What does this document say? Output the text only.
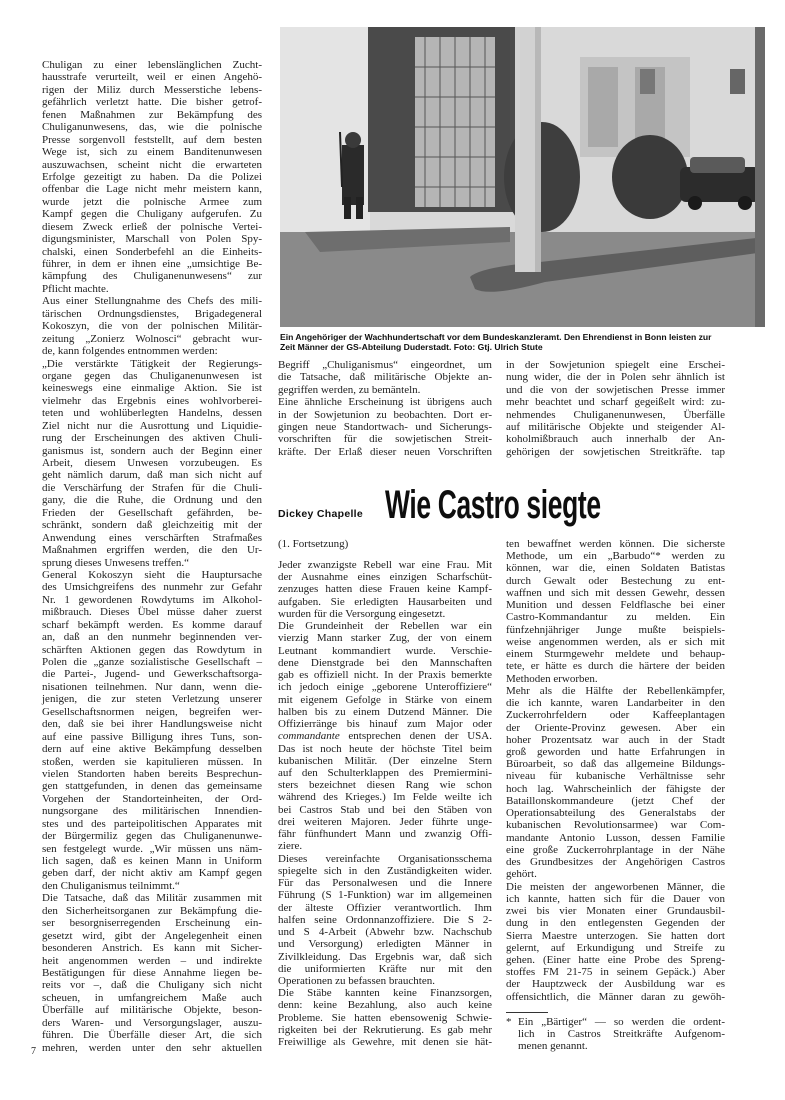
Ein Angehöriger der Wachhundertschaft vor dem Bundeskanzleramt. Den Ehrendienst in Bonn leisten zur
Zeit Männer der GS-Abteilung Duderstadt. Foto: Gtj. Ulrich Stute
Chuligan zu einer lebenslänglichen Zucht-
hausstrafe verurteilt, weil er einen Angehö-
rigen der Miliz durch Messerstiche lebens-
gefährlich verletzt hatte. Die bisher getrof-
fenen Maßnahmen zur Bekämpfung des
Chuliganunwesens, das, wie die polnische
Presse sorgenvoll feststellt, auf dem besten
Wege ist, sich zu einem Banditenunwesen
auszuwachsen, scheint nicht die erwarteten
Erfolge gezeitigt zu haben. Da die Polizei
offenbar die Lage nicht mehr meistern kann,
wurde jetzt die polnische Armee zum
Kampf gegen die Chuligany aufgerufen. Zu
diesem Zweck erließ der polnische Vertei-
digungsminister, Marschall von Polen Spy-
chalski, einen Sonderbefehl an die Einheits-
führer, in dem er ihnen eine „umsichtige Be-
kämpfung des Chuliganenunwesens“ zur
Pflicht machte.
Aus einer Stellungnahme des Chefs des mili-
tärischen Ordnungsdienstes, Brigadegeneral
Kokoszyn, die von der polnischen Militär-
zeitung „Zonierz Wolnosci“ gebracht wur-
de, kann folgendes entnommen werden:
„Die verstärkte Tätigkeit der Regierungs-
organe gegen das Chuliganenunwesen ist
keineswegs eine einmalige Aktion. Sie ist
vielmehr das Ergebnis eines wohlvorberei-
teten und wohlüberlegten Handelns, dessen
Ziel nicht nur die Ausrottung und Liquidie-
rung der Erscheinungen des aktiven Chuli-
ganismus ist, sondern auch der Beginn einer
Arbeit, diesem Unwesen vorzubeugen. Es
geht nämlich darum, daß man sich nicht auf
die Verschärfung der Strafen für die Chuli-
gany, die die Ruhe, die Ordnung und den
Frieden der Gesellschaft gefährden, be-
schränkt, sondern daß gleichzeitig mit der
Anwendung eines verschärften Strafmaßes
Maßnahmen ergriffen werden, die den Ur-
sprung dieses Unwesens treffen.“
General Kokoszyn sieht die Hauptursache
des Umsichgreifens des nunmehr zur Gefahr
Nr. 1 gewordenen Rowdytums im Alkohol-
mißbrauch. Dieses Übel müsse daher zuerst
scharf bekämpft werden. Es komme darauf
an, daß an den nunmehr beginnenden ver-
schärften Aktionen gegen das Rowdytum in
Polen die „ganze sozialistische Gesellschaft –
die Partei-, Jugend- und Gewerkschaftsorga-
nisationen teilnehmen. Nur dann, wenn die-
jenigen, die zur steten Verletzung unserer
Gesellschaftsnormen neigen, begreifen wer-
den, daß sie bei ihrer Handlungsweise nicht
auf eine passive Billigung ihres Tuns, son-
dern auf eine aktive Bekämpfung desselben
stoßen, werden sie kapitulieren müssen. In
vielen Standorten haben bereits Besprechun-
gen stattgefunden, in denen das gemeinsame
Vorgehen der Standorteinheiten, der Ord-
nungsorgane des militärischen Innendien-
stes und des parteipolitischen Apparates mit
der Bürgermiliz gegen das Chuliganenunwe-
sen festgelegt wurde. „Wir müssen uns näm-
lich sagen, daß es keinen Mann in Uniform
geben darf, der nicht aktiv am Kampf gegen
den Chuliganismus teilnimmt.“
Die Tatsache, daß das Militär zusammen mit
den Sicherheitsorganen zur Bekämpfung die-
ser besorgniserregenden Erscheinung ein-
gesetzt wird, gibt der Angelegenheit einen
besonderen Anstrich. Es kann mit Sicher-
heit angenommen werden – und indirekte
Bestätigungen für diese Annahme liegen be-
reits vor –, daß die Chuligany sich nicht
scheuen, in umfangreichem Maße auch
Überfälle auf militärische Objekte, beson-
ders Waren- und Versorgungslager, auszu-
führen. Die Überfälle dieser Art, die sich
mehren, werden unter den sehr aktuellen
Begriff „Chuliganismus“ eingeordnet, um
die Tatsache, daß militärische Objekte an-
gegriffen werden, zu bemänteln.
Eine ähnliche Erscheinung ist übrigens auch
in der Sowjetunion zu beobachten. Dort er-
gingen neue Standortwach- und Sicherungs-
vorschriften für die sowjetischen Streit-
kräfte. Der Erlaß dieser neuen Vorschriften
in der Sowjetunion spiegelt eine Erschei-
nung wider, die der in Polen sehr ähnlich ist
und die von der sowjetischen Presse immer
mehr beachtet und scharf gegeißelt wird: zu-
nehmendes Chuliganenunwesen, Überfälle
auf militärische Objekte und steigender Al-
koholmißbrauch auch innerhalb der An-
gehörigen der sowjetischen Streitkräfte. tap
Dickey Chapelle Wie Castro siegte
(1. Fortsetzung)
Jeder zwanzigste Rebell war eine Frau. Mit
der Ausnahme eines einzigen Scharfschüt-
zenzuges hatten diese Frauen keine Kampf-
aufgaben. Sie erledigten Hausarbeiten und
wurden für die Versorgung eingesetzt.
Die Grundeinheit der Rebellen war ein
vierzig Mann starker Zug, der von einem
Leutnant kommandiert wurde. Verschie-
dene Dienstgrade bei den Mannschaften
gab es offiziell nicht. In der Praxis bemerkte
ich jedoch einige „geborene Unteroffiziere“
mit eigenem Gefolge in Stärke von einem
halben bis zu einem Dutzend Männer. Die
Offizierränge bis hinauf zum Major oder
commandante entsprechen denen der USA.
Das ist noch heute der höchste Titel beim
kubanischen Militär. (Der einzelne Stern
auf den Schulterklappen des Premiermini-
sters bezeichnet diesen Rang wie schon
während des Krieges.) Im Felde weilte ich
bei Castros Stab und bei den Stäben von
drei weiteren Majoren. Jeder führte unge-
fähr fünfhundert Mann und zwanzig Offi-
ziere.
Dieses vereinfachte Organisationsschema
spiegelte sich in den Zuständigkeiten wider.
Für das Personalwesen und die Innere
Führung (S 1-Funktion) war im allgemeinen
der älteste Offizier verantwortlich. Ihm
halfen seine Ordonnanzoffiziere. Die S 2-
und S 4-Arbeit (Abwehr bzw. Nachschub
und Versorgung) erledigten Männer in
Zivilkleidung. Das Ergebnis war, daß sich
die uniformierten Kräfte nur mit den
Operationen zu befassen brauchten.
Die Stäbe kannten keine Finanzsorgen,
denn: keine Bezahlung, also auch keine
Probleme. Sie hatten ebensowenig Schwie-
rigkeiten bei der Rekrutierung. Es gab mehr
Freiwillige als Gewehre, mit denen sie hät-
ten bewaffnet werden können. Die sicherste
Methode, um ein „Barbudo“* werden zu
können, war die, einen Soldaten Batistas
durch Gewalt oder Bestechung zu ent-
waffnen und sich mit dessen Gewehr, dessen
Munition und dessen Feldflasche bei einer
Castro-Kommandantur zu melden. Ein
fünfzehnjähriger Junge mußte beispiels-
weise angenommen werden, als er sich mit
einem Sturmgewehr meldete und behaup-
tete, er hätte es durch die härtere der beiden
Methoden erworben.
Mehr als die Hälfte der Rebellenkämpfer,
die ich kannte, waren Landarbeiter in den
Zuckerrohrfeldern oder Kaffeeplantagen
der Oriente-Provinz gewesen. Aber ein
hoher Prozentsatz war auch in der Stadt
groß geworden und hatte Erfahrungen in
Büroarbeit, so daß das allgemeine Bildungs-
niveau für kubanische Verhältnisse sehr
hoch lag. Wahrscheinlich der fähigste der
Bataillonskommandeure (jetzt Chef der
Operationsabteilung des Generalstabs der
kubanischen Revolutionsarmee) war Com-
mandante Antonio Lusson, dessen Familie
eine große Zuckerrohrplantage in der Nähe
des Grundbesitzes der Angehörigen Castros
gehört.
Die meisten der angeworbenen Männer, die
ich kannte, hatten sich für die Dauer von
zwei bis vier Monaten einer Grundausbil-
dung in den entlegensten Gegenden der
Sierra Maestre unterzogen. Sie hatten dort
gelernt, auf Erkundigung und Streife zu
gehen. (Einer hatte eine Probe des Spreng-
stoffes FM 21-75 in seinem Gepäck.) Aber
der Hauptzweck der Ausbildung war es
offensichtlich, die Männer daran zu gewöh-
* Ein „Bärtiger“ — so werden die ordent-
lich in Castros Streitkräfte Aufgenom-
menen genannt.
7
